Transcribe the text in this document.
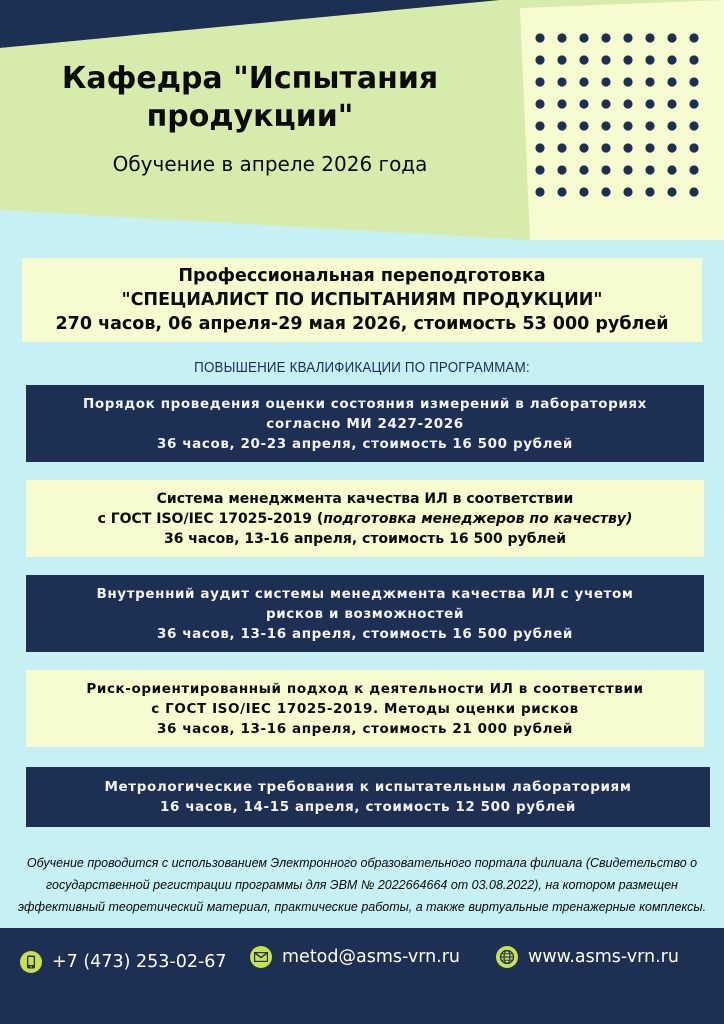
Кафедра "Испытания
продукции"
Обучение в апреле 2026 года
Профессиональная переподготовка
"СПЕЦИАЛИСТ ПО ИСПЫТАНИЯМ ПРОДУКЦИИ"
270 часов, 06 апреля-29 мая 2026, стоимость 53 000 рублей
ПОВЫШЕНИЕ КВАЛИФИКАЦИИ ПО ПРОГРАММАМ:
Порядок проведения оценки состояния измерений в лабораториях
согласно МИ 2427-2026
36 часов, 20-23 апреля, стоимость 16 500 рублей
Система менеджмента качества ИЛ в соответствии
с ГОСТ ISO/IEC 17025-2019 (подготовка менеджеров по качеству)
36 часов, 13-16 апреля, стоимость 16 500 рублей
Внутренний аудит системы менеджмента качества ИЛ с учетом
рисков и возможностей
36 часов, 13-16 апреля, стоимость 16 500 рублей
Риск-ориентированный подход к деятельности ИЛ в соответствии
с ГОСТ ISO/IEC 17025-2019. Методы оценки рисков
36 часов, 13-16 апреля, стоимость 21 000 рублей
Метрологические требования к испытательным лабораториям
16 часов, 14-15 апреля, стоимость 12 500 рублей
Обучение проводится с использованием Электронного образовательного портала филиала (Свидетельство о
государственной регистрации программы для ЭВМ № 2022664664 от 03.08.2022), на котором размещен
эффективный теоретический материал, практические работы, а также виртуальные тренажерные комплексы.
+7 (473) 253-02-67	metod@asms-vrn.ru	www.asms-vrn.ru
